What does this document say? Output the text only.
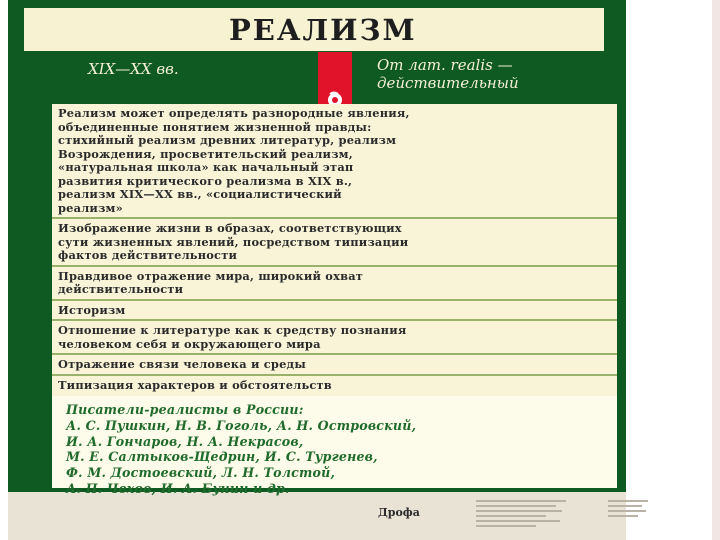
РЕАЛИЗМ
XIX—XX вв.	От лат. realis —
действительный
Реализм может определять разнородные явления,
объединенные понятием жизненной правды:
стихийный реализм древних литератур, реализм
Возрождения, просветительский реализм,
«натуральная школа» как начальный этап
развития критического реализма в XIX в.,
реализм XIX—XX вв., «социалистический
реализм»
Изображение жизни в образах, соответствующих
сути жизненных явлений, посредством типизации
фактов действительности
Правдивое отражение мира, широкий охват
действительности
Историзм
Отношение к литературе как к средству познания
человеком себя и окружающего мира
Отражение связи человека и среды
Типизация характеров и обстоятельств
Писатели-реалисты в России:
А. С. Пушкин, Н. В. Гоголь, А. Н. Островский,
И. А. Гончаров, Н. А. Некрасов,
М. Е. Салтыков-Щедрин, И. С. Тургенев,
Ф. М. Достоевский, Л. Н. Толстой,
А. П. Чехов, И. А. Бунин и др.
Дрофа
